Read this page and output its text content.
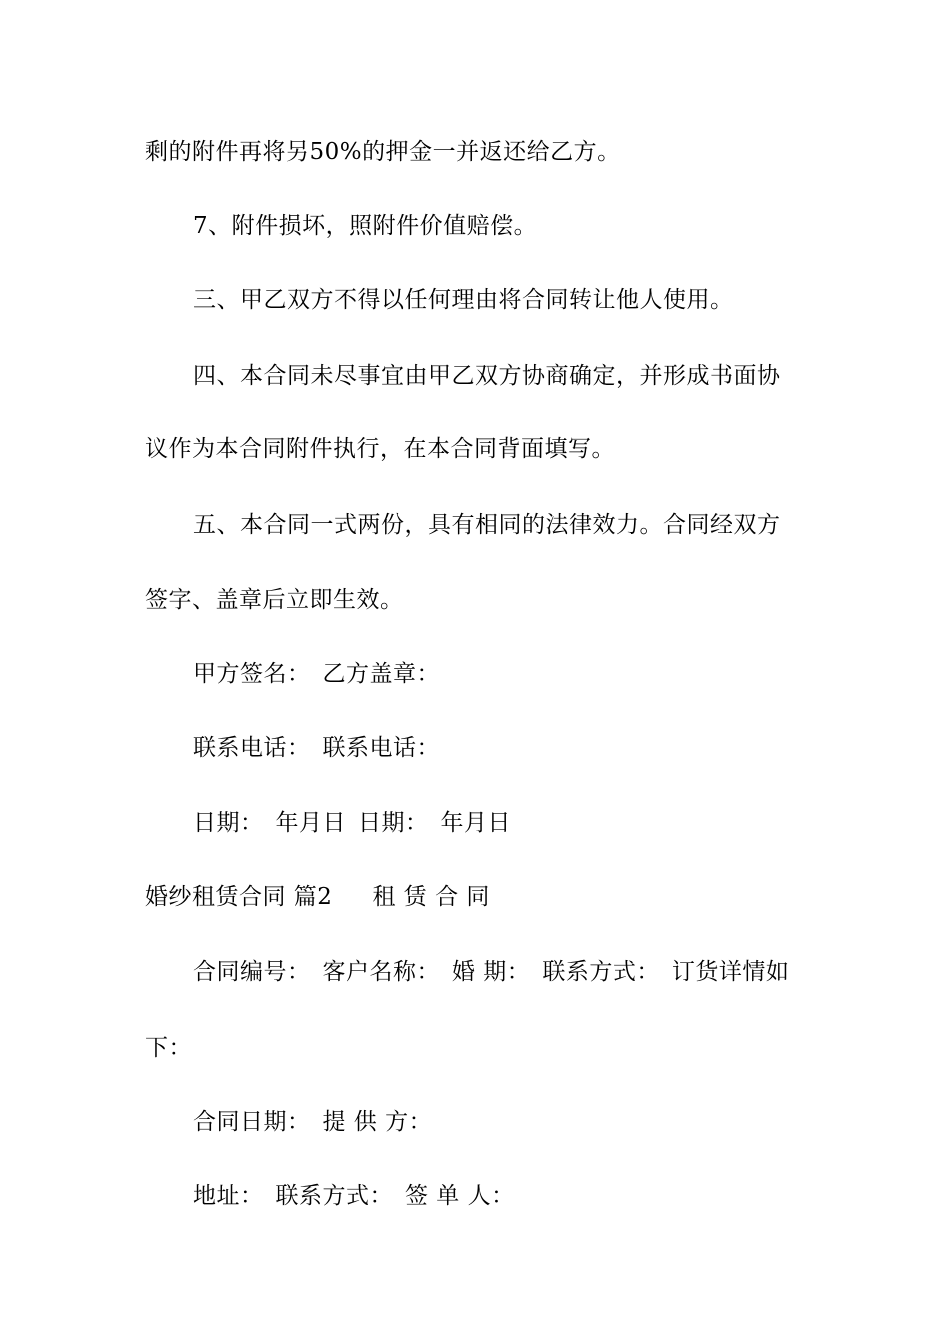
剩的附件再将另50%的押金一并返还给乙方。
7、附件损坏，照附件价值赔偿。
三、甲乙双方不得以任何理由将合同转让他人使用。
四、本合同未尽事宜由甲乙双方协商确定，并形成书面协
议作为本合同附件执行，在本合同背面填写。
五、本合同一式两份，具有相同的法律效力。合同经双方
签字、盖章后立即生效。
甲方签名： 乙方盖章：
联系电话： 联系电话：
日期： 年月日 日期： 年月日
婚纱租赁合同 篇2 租 赁 合 同
合同编号： 客户名称： 婚 期： 联系方式： 订货详情如
下：
合同日期： 提 供 方：
地址： 联系方式： 签 单 人：
